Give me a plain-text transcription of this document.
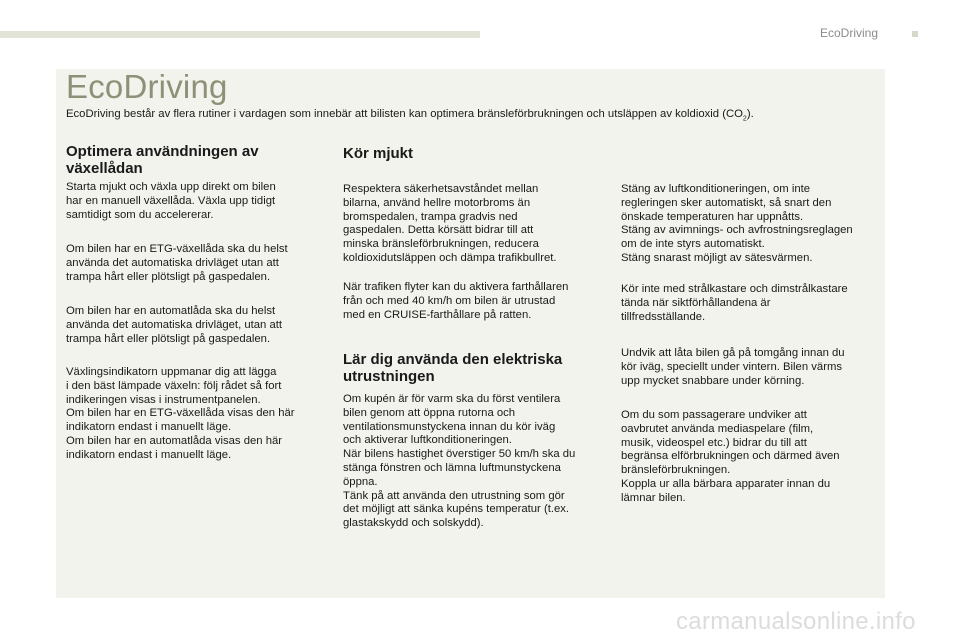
EcoDriving
EcoDriving
EcoDriving består av flera rutiner i vardagen som innebär att bilisten kan optimera bränsleförbrukningen och utsläppen av koldioxid $(CO_2)$.
Optimera användningen av
växellådan

Starta mjukt och växla upp direkt om bilen
har en manuell växellåda. Växla upp tidigt
samtidigt som du accelererar.

Om bilen har en ETG-växellåda ska du helst
använda det automatiska drivläget utan att
trampa hårt eller plötsligt på gaspedalen.

Om bilen har en automatlåda ska du helst
använda det automatiska drivläget, utan att
trampa hårt eller plötsligt på gaspedalen.

Växlingsindikatorn uppmanar dig att lägga
i den bäst lämpade växeln: följ rådet så fort
indikeringen visas i instrumentpanelen.
Om bilen har en ETG-växellåda visas den här
indikatorn endast i manuellt läge.
Om bilen har en automatlåda visas den här
indikatorn endast i manuellt läge.

Kör mjukt

Respektera säkerhetsavståndet mellan
bilarna, använd hellre motorbroms än
bromspedalen, trampa gradvis ned
gaspedalen. Detta körsätt bidrar till att
minska bränsleförbrukningen, reducera
koldioxidutsläppen och dämpa trafikbullret.

När trafiken flyter kan du aktivera farthållaren
från och med 40 km/h om bilen är utrustad
med en CRUISE-farthållare på ratten.

Lär dig använda den elektriska
utrustningen

Om kupén är för varm ska du först ventilera
bilen genom att öppna rutorna och
ventilationsmunstyckena innan du kör iväg
och aktiverar luftkonditioneringen.
När bilens hastighet överstiger 50 km/h ska du
stänga fönstren och lämna luftmunstyckena
öppna.
Tänk på att använda den utrustning som gör
det möjligt att sänka kupéns temperatur (t.ex.
glastakskydd och solskydd).

Stäng av luftkonditioneringen, om inte
regleringen sker automatiskt, så snart den
önskade temperaturen har uppnåtts.
Stäng av avimnings- och avfrostningsreglagen
om de inte styrs automatiskt.
Stäng snarast möjligt av sätesvärmen.

Kör inte med strålkastare och dimstrålkastare
tända när siktförhållandena är
tillfredsställande.

Undvik att låta bilen gå på tomgång innan du
kör iväg, speciellt under vintern. Bilen värms
upp mycket snabbare under körning.

Om du som passagerare undviker att
oavbrutet använda mediaspelare (film,
musik, videospel etc.) bidrar du till att
begränsa elförbrukningen och därmed även
bränsleförbrukningen.
Koppla ur alla bärbara apparater innan du
lämnar bilen.

carmanualsonline.info
